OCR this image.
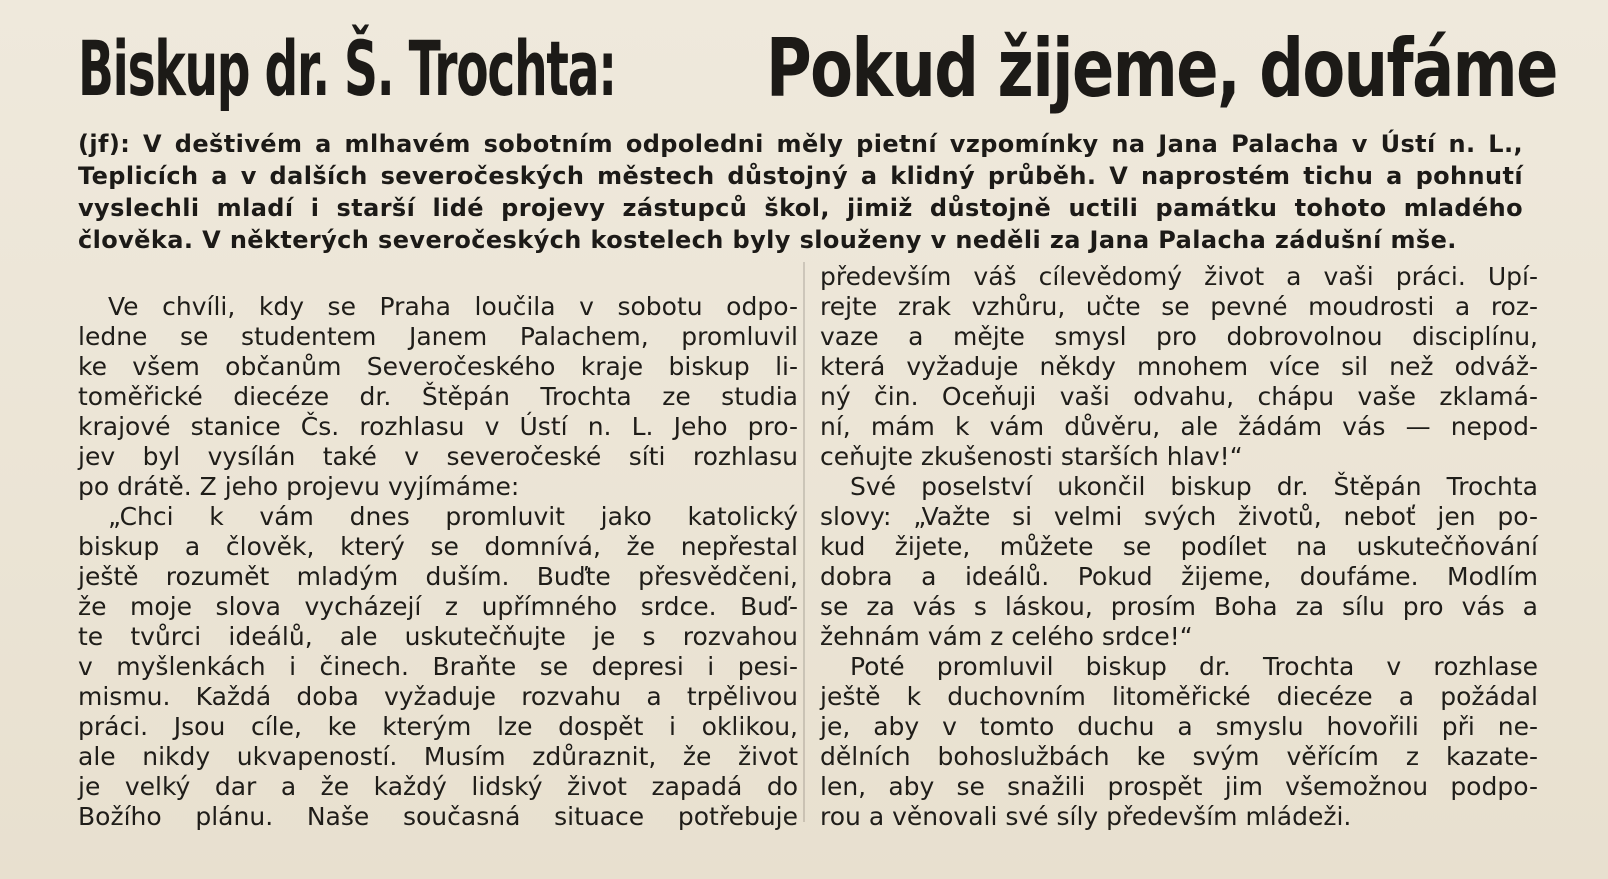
Biskup dr. Š. Trochta: Pokud žijeme, doufáme

(jf): V deštivém a mlhavém sobotním odpoledni měly pietní vzpomínky na Jana Palacha v Ústí n. L., Teplicích a v dalších severočeských městech důstojný a klidný průběh. V naprostém tichu a pohnutí vyslechli mladí i starší lidé projevy zástupců škol, jimiž důstojně uctili památku tohoto mladého člověka. V některých severočeských kostelech byly slouženy v neděli za Jana Palacha zádušní mše.

Ve chvíli, kdy se Praha loučila v sobotu odpo-
ledne se studentem Janem Palachem, promluvil
ke všem občanům Severočeského kraje biskup li-
toměřické diecéze dr. Štěpán Trochta ze studia
krajové stanice Čs. rozhlasu v Ústí n. L. Jeho pro-
jev byl vysílán také v severočeské síti rozhlasu
po drátě. Z jeho projevu vyjímáme:
„Chci k vám dnes promluvit jako katolický
biskup a člověk, který se domnívá, že nepřestal
ještě rozumět mladým duším. Buďte přesvědčeni,
že moje slova vycházejí z upřímného srdce. Buď-
te tvůrci ideálů, ale uskutečňujte je s rozvahou
v myšlenkách i činech. Braňte se depresi i pesi-
mismu. Každá doba vyžaduje rozvahu a trpělivou
práci. Jsou cíle, ke kterým lze dospět i oklikou,
ale nikdy ukvapeností. Musím zdůraznit, že život
je velký dar a že každý lidský život zapadá do
Božího plánu. Naše současná situace potřebuje
především váš cílevědomý život a vaši práci. Upí-
rejte zrak vzhůru, učte se pevné moudrosti a roz-
vaze a mějte smysl pro dobrovolnou disciplínu,
která vyžaduje někdy mnohem více sil než odváž-
ný čin. Oceňuji vaši odvahu, chápu vaše zklamá-
ní, mám k vám důvěru, ale žádám vás — nepod-
ceňujte zkušenosti starších hlav!“
Své poselství ukončil biskup dr. Štěpán Trochta
slovy: „Važte si velmi svých životů, neboť jen po-
kud žijete, můžete se podílet na uskutečňování
dobra a ideálů. Pokud žijeme, doufáme. Modlím
se za vás s láskou, prosím Boha za sílu pro vás a
žehnám vám z celého srdce!“
Poté promluvil biskup dr. Trochta v rozhlase
ještě k duchovním litoměřické diecéze a požádal
je, aby v tomto duchu a smyslu hovořili při ne-
dělních bohoslužbách ke svým věřícím z kazate-
len, aby se snažili prospět jim všemožnou podpo-
rou a věnovali své síly především mládeži.
